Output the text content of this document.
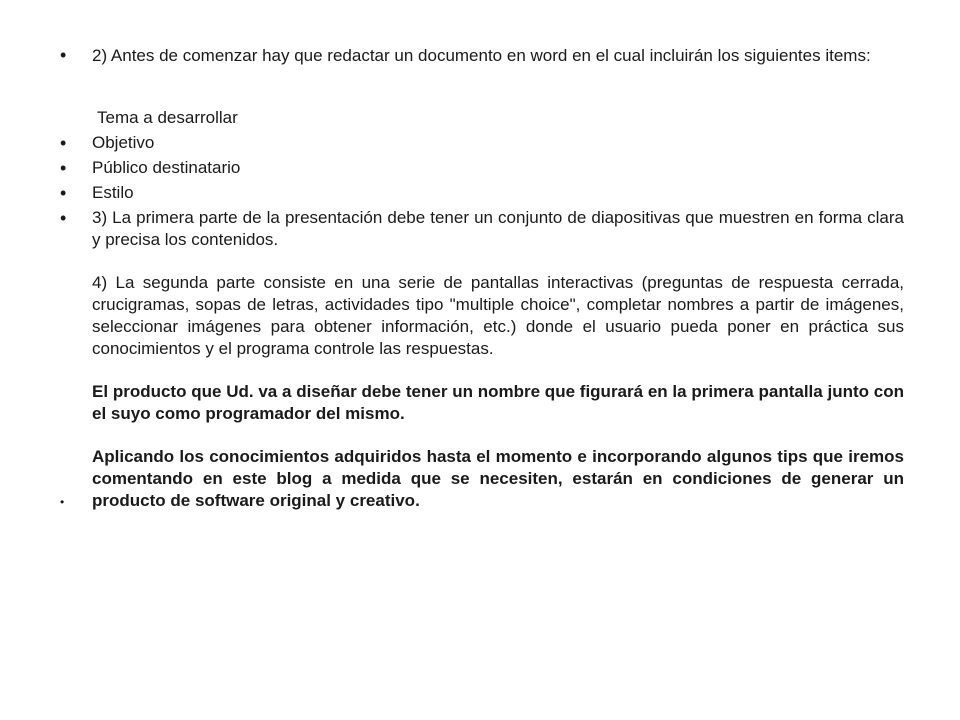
• 2) Antes de comenzar hay que redactar un documento en word en el cual incluirán los siguientes items:

Tema a desarrollar
• Objetivo
• Público destinatario
• Estilo
• 3) La primera parte de la presentación debe tener un conjunto de diapositivas que muestren en forma clara y precisa los contenidos.

4) La segunda parte consiste en una serie de pantallas interactivas (preguntas de respuesta cerrada, crucigramas, sopas de letras, actividades tipo "multiple choice", completar nombres a partir de imágenes, seleccionar imágenes para obtener información, etc.) donde el usuario pueda poner en práctica sus conocimientos y el programa controle las respuestas.

El producto que Ud. va a diseñar debe tener un nombre que figurará en la primera pantalla junto con el suyo como programador del mismo.

Aplicando los conocimientos adquiridos hasta el momento e incorporando algunos tips que iremos comentando en este blog a medida que se necesiten, estarán en condiciones de generar un producto de software original y creativo.

•
